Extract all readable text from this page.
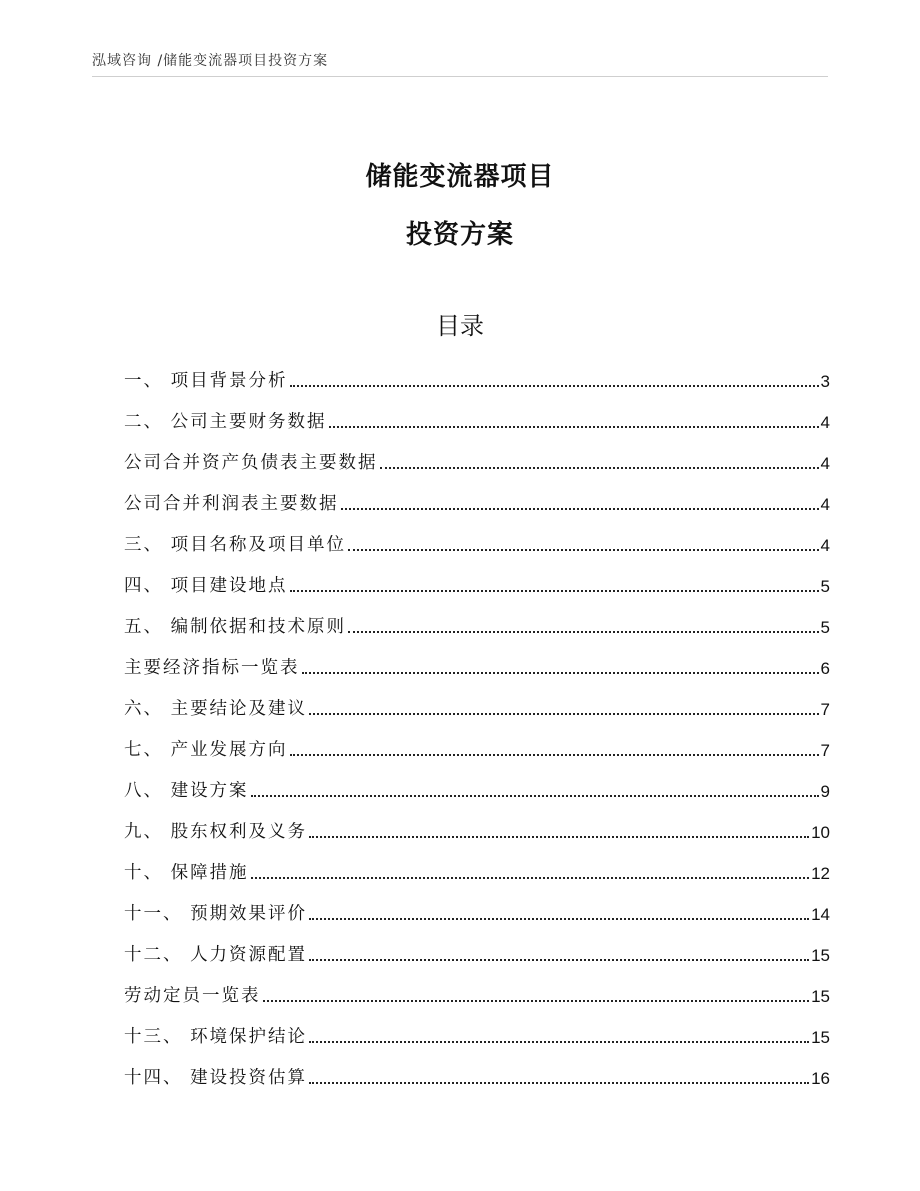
泓域咨询 /储能变流器项目投资方案
储能变流器项目
投资方案
目录
一、 项目背景分析	3
二、 公司主要财务数据	4
公司合并资产负债表主要数据	4
公司合并利润表主要数据	4
三、 项目名称及项目单位	4
四、 项目建设地点	5
五、 编制依据和技术原则	5
主要经济指标一览表	6
六、 主要结论及建议	7
七、 产业发展方向	7
八、 建设方案	9
九、 股东权利及义务	10
十、 保障措施	12
十一、 预期效果评价	14
十二、 人力资源配置	15
劳动定员一览表	15
十三、 环境保护结论	15
十四、 建设投资估算	16
